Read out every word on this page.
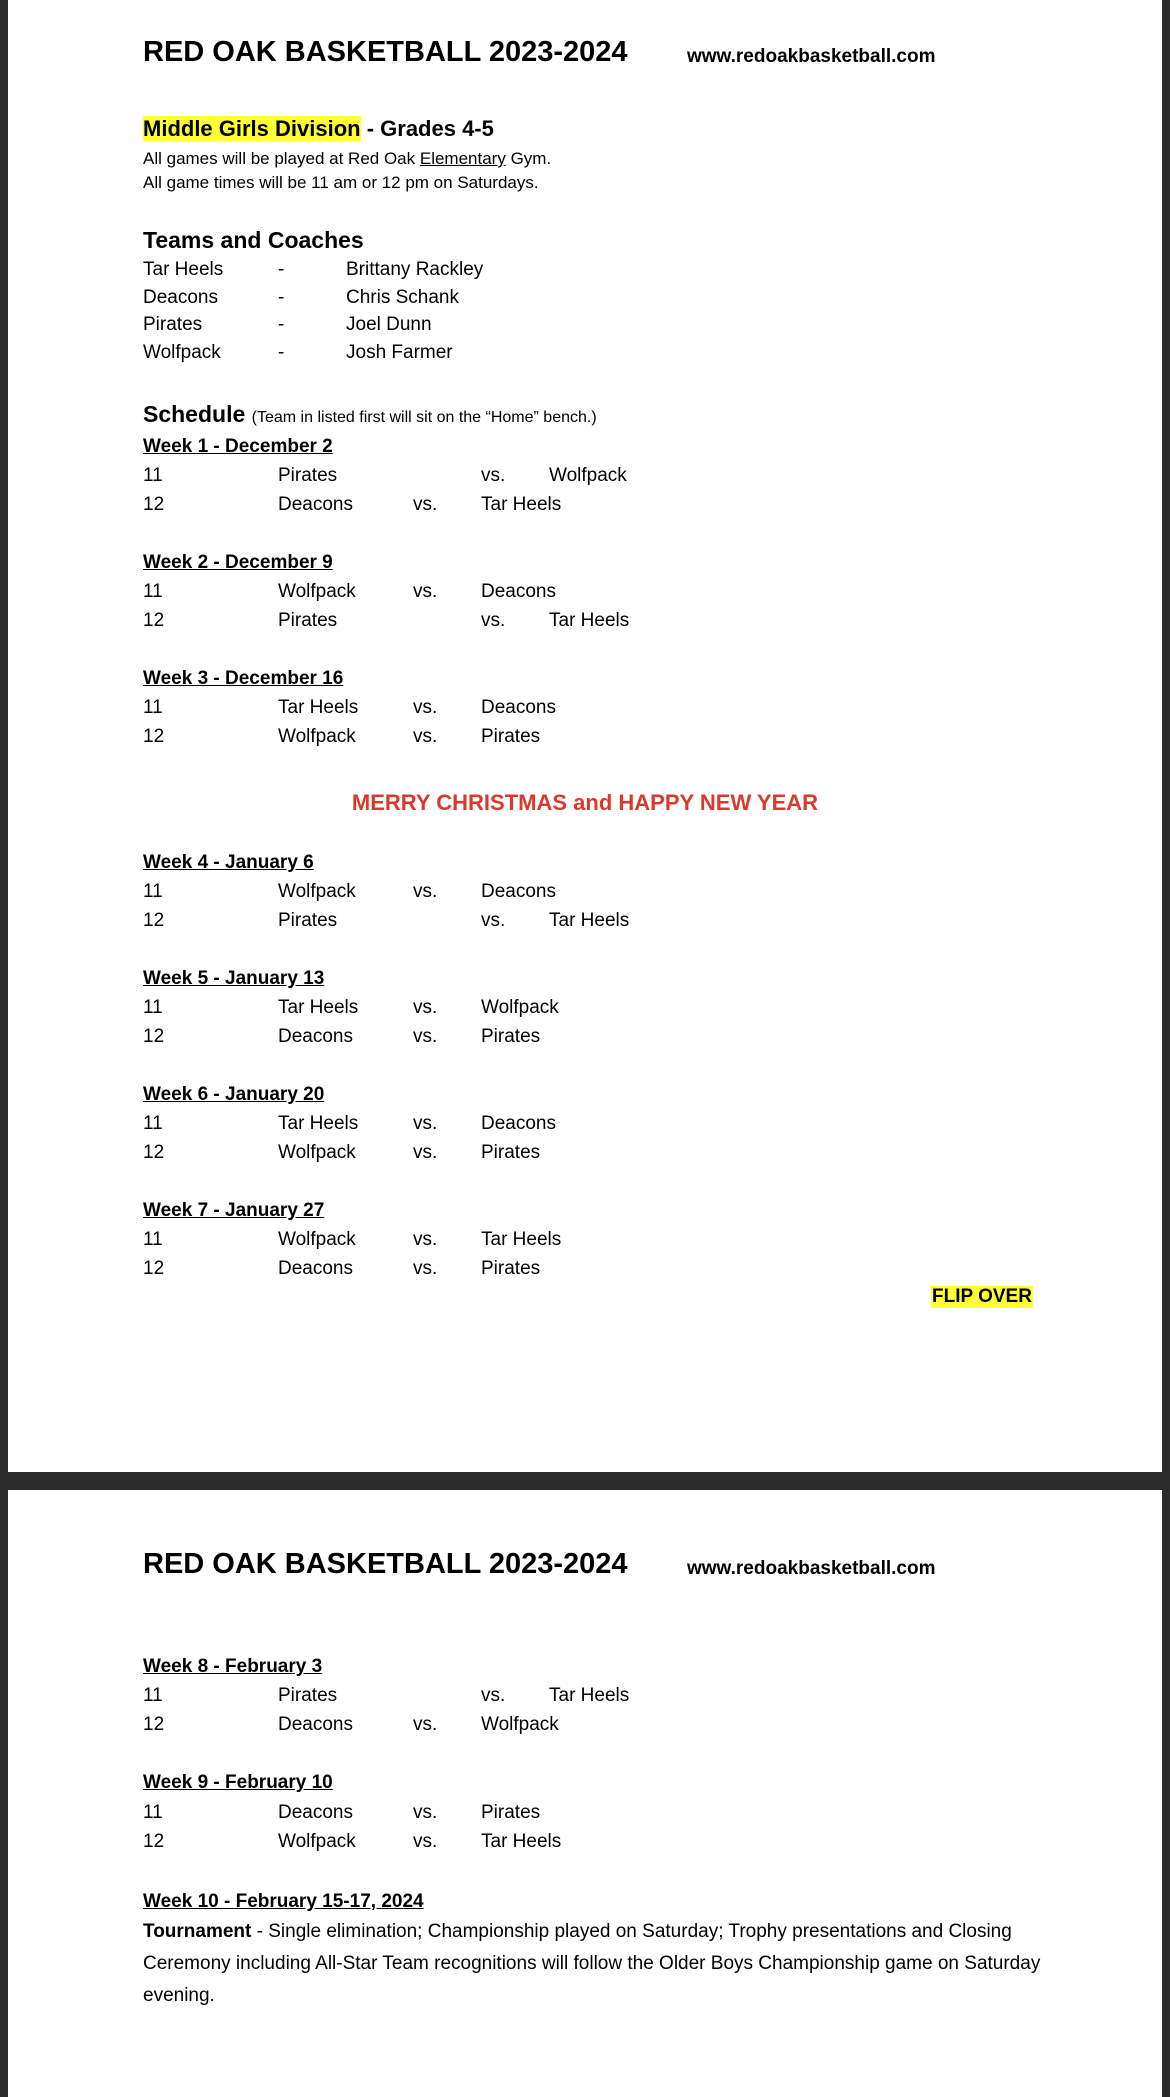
RED OAK BASKETBALL 2023-2024	www.redoakbasketball.com
Middle Girls Division - Grades 4-5
All games will be played at Red Oak Elementary Gym.
All game times will be 11 am or 12 pm on Saturdays.
Teams and Coaches
Tar Heels	-	Brittany Rackley
Deacons	-	Chris Schank
Pirates	-	Joel Dunn
Wolfpack	-	Josh Farmer
Schedule (Team in listed first will sit on the “Home” bench.)
Week 1 - December 2
11	Pirates	vs. Wolfpack
12	Deacons	vs. Tar Heels
Week 2 - December 9
11	Wolfpack	vs. Deacons
12	Pirates	vs. Tar Heels
Week 3 - December 16
11	Tar Heels	vs. Deacons
12	Wolfpack	vs. Pirates
MERRY CHRISTMAS and HAPPY NEW YEAR
Week 4 - January 6
11	Wolfpack	vs. Deacons
12	Pirates	vs. Tar Heels
Week 5 - January 13
11	Tar Heels	vs. Wolfpack
12	Deacons	vs. Pirates
Week 6 - January 20
11	Tar Heels	vs. Deacons
12	Wolfpack	vs. Pirates
Week 7 - January 27
11	Wolfpack	vs. Tar Heels
12	Deacons	vs. Pirates
FLIP OVER
RED OAK BASKETBALL 2023-2024	www.redoakbasketball.com
Week 8 - February 3
11	Pirates	vs. Tar Heels
12	Deacons	vs. Wolfpack
Week 9 - February 10
11	Deacons	vs. Pirates
12	Wolfpack	vs. Tar Heels
Week 10 - February 15-17, 2024
Tournament - Single elimination; Championship played on Saturday; Trophy presentations and Closing Ceremony including All-Star Team recognitions will follow the Older Boys Championship game on Saturday evening.
